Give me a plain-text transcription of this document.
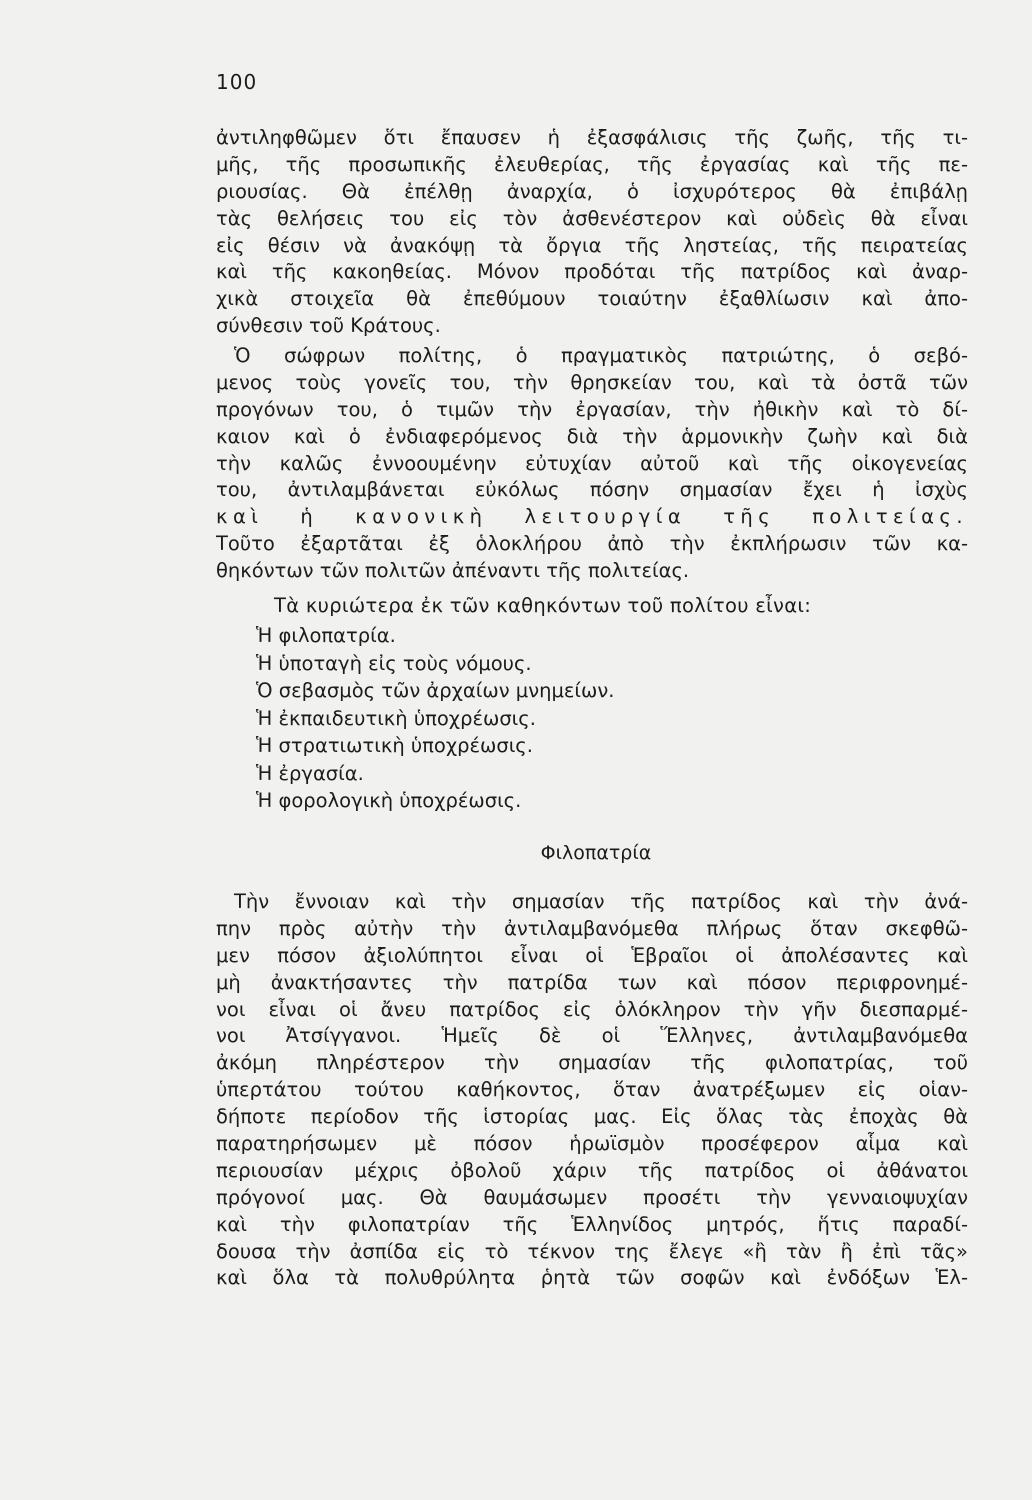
100
ἀντιληφθῶμεν ὅτι ἔπαυσεν ἡ ἐξασφάλισις τῆς ζωῆς, τῆς τι-
μῆς, τῆς προσωπικῆς ἐλευθερίας, τῆς ἐργασίας καὶ τῆς πε-
ριουσίας. Θὰ ἐπέλθῃ ἀναρχία, ὁ ἰσχυρότερος θὰ ἐπιβάλῃ
τὰς θελήσεις του εἰς τὸν ἀσθενέστερον καὶ οὐδεὶς θὰ εἶναι
εἰς θέσιν νὰ ἀνακόψῃ τὰ ὄργια τῆς ληστείας, τῆς πειρατείας
καὶ τῆς κακοηθείας. Μόνον προδόται τῆς πατρίδος καὶ ἀναρ-
χικὰ στοιχεῖα θὰ ἐπεθύμουν τοιαύτην ἐξαθλίωσιν καὶ ἀπο-
σύνθεσιν τοῦ Κράτους.
Ὁ σώφρων πολίτης, ὁ πραγματικὸς πατριώτης, ὁ σεβό-
μενος τοὺς γονεῖς του, τὴν θρησκείαν του, καὶ τὰ ὀστᾶ τῶν
προγόνων του, ὁ τιμῶν τὴν ἐργασίαν, τὴν ἠθικὴν καὶ τὸ δί-
καιον καὶ ὁ ἐνδιαφερόμενος διὰ τὴν ἁρμονικὴν ζωὴν καὶ διὰ
τὴν καλῶς ἐννοουμένην εὐτυχίαν αὐτοῦ καὶ τῆς οἰκογενείας
του, ἀντιλαμβάνεται εὐκόλως πόσην σημασίαν ἔχει ἡ ἰσχὺς
καὶ ἡ κανονικὴ λειτουργία τῆς πολιτείας.
Τοῦτο ἐξαρτᾶται ἐξ ὁλοκλήρου ἀπὸ τὴν ἐκπλήρωσιν τῶν κα-
θηκόντων τῶν πολιτῶν ἀπέναντι τῆς πολιτείας.
Τὰ κυριώτερα ἐκ τῶν καθηκόντων τοῦ πολίτου εἶναι:
Ἡ φιλοπατρία.
Ἡ ὑποταγὴ εἰς τοὺς νόμους.
Ὁ σεβασμὸς τῶν ἀρχαίων μνημείων.
Ἡ ἐκπαιδευτικὴ ὑποχρέωσις.
Ἡ στρατιωτικὴ ὑποχρέωσις.
Ἡ ἐργασία.
Ἡ φορολογικὴ ὑποχρέωσις.
Φιλοπατρία
Τὴν ἔννοιαν καὶ τὴν σημασίαν τῆς πατρίδος καὶ τὴν ἀνά-
πην πρὸς αὐτὴν τὴν ἀντιλαμβανόμεθα πλήρως ὅταν σκεφθῶ-
μεν πόσον ἀξιολύπητοι εἶναι οἱ Ἑβραῖοι οἱ ἀπολέσαντες καὶ
μὴ ἀνακτήσαντες τὴν πατρίδα των καὶ πόσον περιφρονημέ-
νοι εἶναι οἱ ἄνευ πατρίδος εἰς ὁλόκληρον τὴν γῆν διεσπαρμέ-
νοι Ἀτσίγγανοι. Ἡμεῖς δὲ οἱ Ἕλληνες, ἀντιλαμβανόμεθα
ἀκόμη πληρέστερον τὴν σημασίαν τῆς φιλοπατρίας, τοῦ
ὑπερτάτου τούτου καθήκοντος, ὅταν ἀνατρέξωμεν εἰς οἱαν-
δήποτε περίοδον τῆς ἱστορίας μας. Εἰς ὅλας τὰς ἐποχὰς θὰ
παρατηρήσωμεν μὲ πόσον ἡρωϊσμὸν προσέφερον αἷμα καὶ
περιουσίαν μέχρις ὀβολοῦ χάριν τῆς πατρίδος οἱ ἀθάνατοι
πρόγονοί μας. Θὰ θαυμάσωμεν προσέτι τὴν γενναιοψυχίαν
καὶ τὴν φιλοπατρίαν τῆς Ἑλληνίδος μητρός, ἥτις παραδί-
δουσα τὴν ἀσπίδα εἰς τὸ τέκνον της ἔλεγε «ἢ τὰν ἢ ἐπὶ τᾶς»
καὶ ὅλα τὰ πολυθρύλητα ῥητὰ τῶν σοφῶν καὶ ἐνδόξων Ἑλ-
